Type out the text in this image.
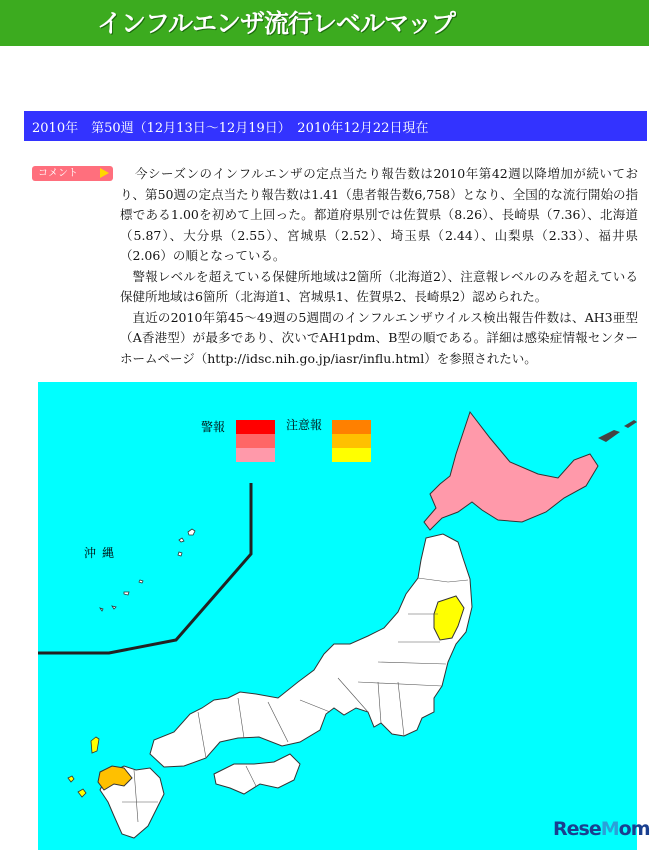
インフルエンザ流行レベルマップ
2010年　第50週（12月13日〜12月19日）　2010年12月22日現在
コメント	今シーズンのインフルエンザの定点当たり報告数は2010年第42週以降増加が続いており、第50週の定点当たり報告数は1.41（患者報告数6,758）となり、全国的な流行開始の指標である1.00を初めて上回った。都道府県別では佐賀県（8.26）、長崎県（7.36）、北海道（5.87）、大分県（2.55）、宮城県（2.52）、埼玉県（2.44）、山梨県（2.33）、福井県（2.06）の順となっている。

警報レベルを超えている保健所地域は2箇所（北海道2）、注意報レベルのみを超えている保健所地域は6箇所（北海道1、宮城県1、佐賀県2、長崎県2）認められた。

直近の2010年第45〜49週の5週間のインフルエンザウイルス検出報告件数は、AH3亜型（A香港型）が最多であり、次いでAH1pdm、B型の順である。詳細は感染症情報センターホームページ（http://idsc.nih.go.jp/iasr/influ.html）を参照されたい。

警報	注意報
沖縄
ReseMom
